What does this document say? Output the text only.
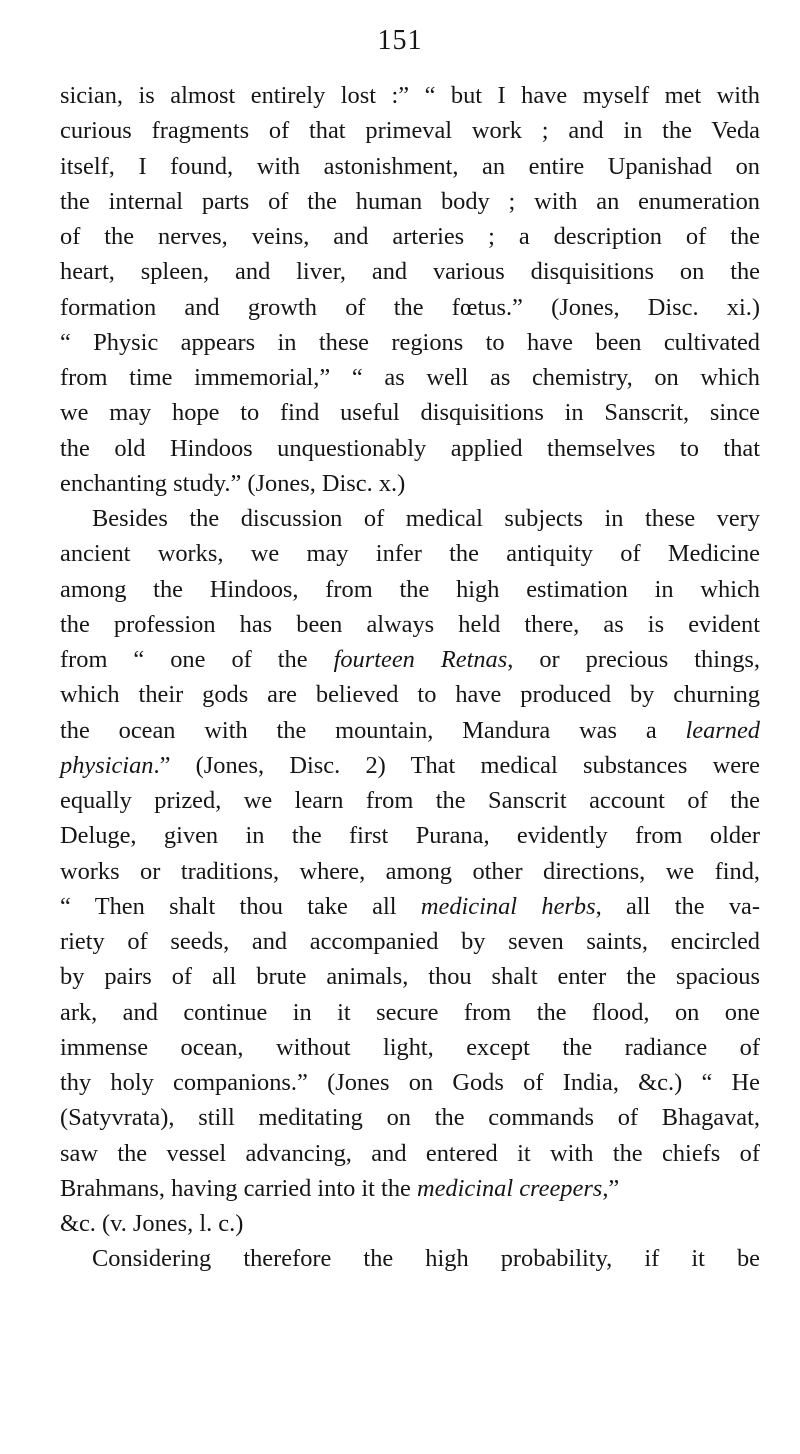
151
sician, is almost entirely lost :” “ but I have myself met with
curious fragments of that primeval work ; and in the Veda
itself, I found, with astonishment, an entire Upanishad on
the internal parts of the human body ; with an enumeration
of the nerves, veins, and arteries ; a description of the
heart, spleen, and liver, and various disquisitions on the
formation and growth of the fœtus.” (Jones, Disc. xi.)
“ Physic appears in these regions to have been cultivated
from time immemorial,” “ as well as chemistry, on which
we may hope to find useful disquisitions in Sanscrit, since
the old Hindoos unquestionably applied themselves to that
enchanting study.” (Jones, Disc. x.)
Besides the discussion of medical subjects in these very
ancient works, we may infer the antiquity of Medicine
among the Hindoos, from the high estimation in which
the profession has been always held there, as is evident
from “ one of the fourteen Retnas, or precious things,
which their gods are believed to have produced by churning
the ocean with the mountain, Mandura was a learned
physician.” (Jones, Disc. 2) That medical substances were
equally prized, we learn from the Sanscrit account of the
Deluge, given in the first Purana, evidently from older
works or traditions, where, among other directions, we find,
“ Then shalt thou take all medicinal herbs, all the va-
riety of seeds, and accompanied by seven saints, encircled
by pairs of all brute animals, thou shalt enter the spacious
ark, and continue in it secure from the flood, on one
immense ocean, without light, except the radiance of
thy holy companions.” (Jones on Gods of India, &c.) “ He
(Satyvrata), still meditating on the commands of Bhagavat,
saw the vessel advancing, and entered it with the chiefs of
Brahmans, having carried into it the medicinal creepers,”
&c. (v. Jones, l. c.)
Considering therefore the high probability, if it be
